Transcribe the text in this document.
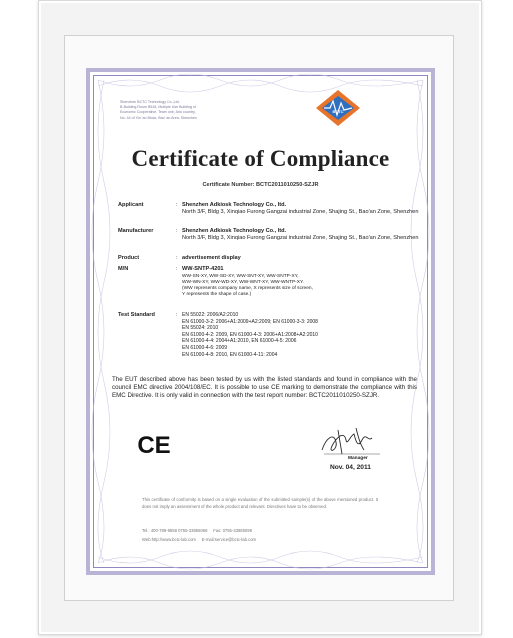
Shenzhen BCTC Technology Co.,Ltd.
B-Building Room B518, Multiple Use Building of
Economic Cooperative, Team one, Ario country,
No. 44 of Xin' an Block, Bao' an Area, Shenzhen
BCTC
Certificate of Compliance
Certificate Number: BCTC2011010250-SZJR
Applicant	: Shenzhen Adkiosk Technology Co., ltd.
North 3/F, Bldg 3, Xinqiao Furong Gangzai industrial Zone, Shajing St., Bao'an Zone, Shenzhen
Manufacturer	: Shenzhen Adkiosk Technology Co., ltd.
North 3/F, Bldg 3, Xinqiao Furong Gangzai industrial Zone, Shajing St., Bao'an Zone, Shenzhen
Product	: advertisement display
M/N	: WW-SNTP-4201
WW-SN-XY, WW-SD-XY, WW-SNT-XY, WW-SNTP-XY,
WW-WN-XY, WW-WD-XY, WW-WNT-XY, WW-WNTP-XY.
(WW represents company name, X represents size of screen,
Y represents the shape of case.)
Test Standard	: EN 55022: 2006/A2:2010
EN 61000-3-2: 2006+A1:2009+A2:2009; EN 61000-3-3: 2008
EN 55024: 2010
EN 61000-4-2: 2009, EN 61000-4-3: 2006+A1:2008+A2:2010
EN 61000-4-4: 2004+A1:2010, EN 61000-4-5: 2006
EN 61000-4-6: 2009
EN 61000-4-8: 2010, EN 61000-4-11: 2004
The EUT described above has been tested by us with the listed standards and found in compliance with the council EMC directive 2004/108/EC. It is possible to use CE marking to demonstrate the compliance with this EMC Directive. It is only valid in connection with the test report number: BCTC2011010250-SZJR.
CE	Manager
Nov. 04, 2011
This certificate of conformity is based on a single evaluation of the submitted sample(s) of the above mentioned product. It does not imply an assessment of the whole product and relevant. Directives have to be observed.
Tel.: 400-788-9558 0755-33865068 Fax: 0755-33865098
Web:http://www.bctc-lab.com E-mail:service@bctc-lab.com
